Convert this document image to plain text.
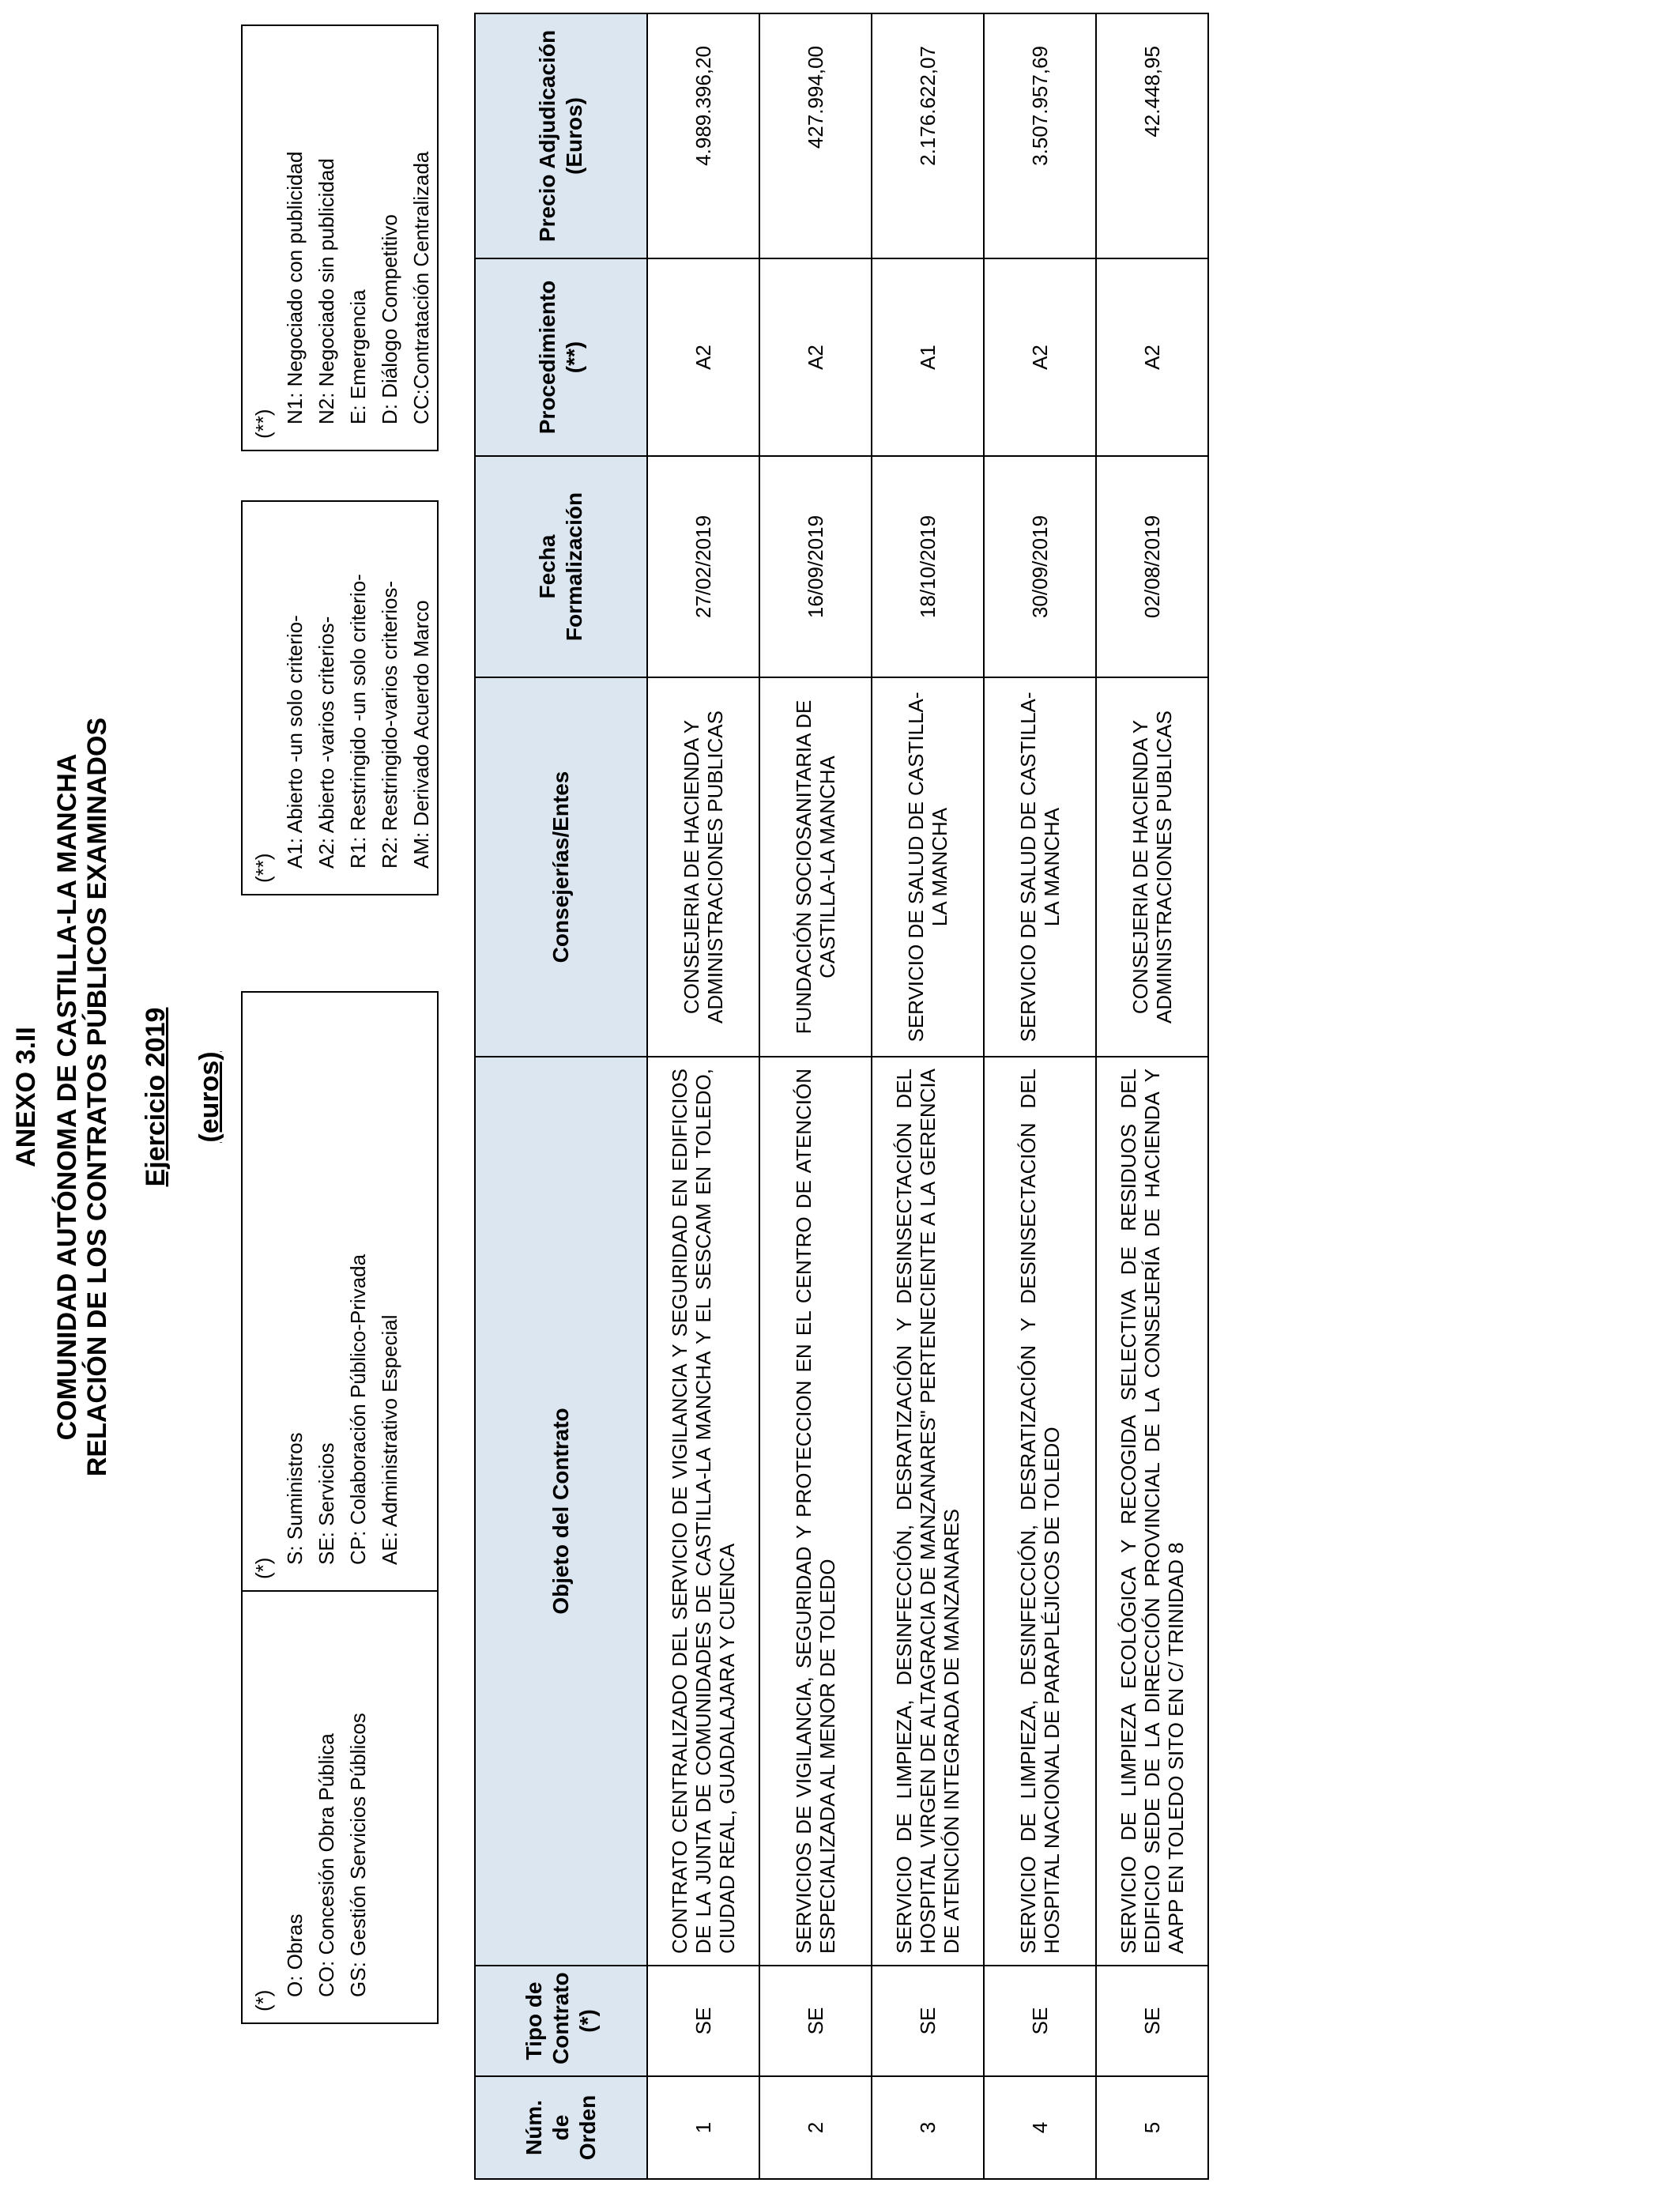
ANEXO 3.II COMUNIDAD AUTÓNOMA DE CASTILLA-LA MANCHA RELACIÓN DE LOS CONTRATOS PÚBLICOS EXAMINADOS Ejercicio 2019 (euros)
(*)
O: Obras CO: Concesión Obra Pública GS: Gestión Servicios Públicos
(*)
S: Suministros SE: Servicios CP: Colaboración Público-Privada AE: Administrativo Especial
(**) A1: Abierto -un solo criterio- A2: Abierto -varios criterios- R1: Restringido -un solo criterio- R2: Restringido-varios criterios- AM: Derivado Acuerdo Marco
(**) N1: Negociado con publicidad N2: Negociado sin publicidad E: Emergencia D: Diálogo Competitivo CC:Contratación Centralizada
Núm. de Orden	Tipo de Contrato (*)	Objeto del Contrato	Consejerías/Entes	Fecha Formalización	Procedimiento (**)	Precio Adjudicación (Euros)
1	SE	CONTRATO CENTRALIZADO DEL SERVICIO DE VIGILANCIA Y SEGURIDAD EN EDIFICIOS DE LA JUNTA DE COMUNIDADES DE CASTILLA-LA MANCHA Y EL SESCAM EN TOLEDO, CIUDAD REAL, GUADALAJARA Y CUENCA	CONSEJERIA DE HACIENDA Y ADMINISTRACIONES PUBLICAS	27/02/2019	A2	4.989.396,20
2	SE	SERVICIOS DE VIGILANCIA, SEGURIDAD Y PROTECCION EN EL CENTRO DE ATENCIÓN ESPECIALIZADA AL MENOR DE TOLEDO	FUNDACIÓN SOCIOSANITARIA DE CASTILLA-LA MANCHA	16/09/2019	A2	427.994,00
3	SE	SERVICIO DE LIMPIEZA, DESINFECCIÓN, DESRATIZACIÓN Y DESINSECTACIÓN DEL HOSPITAL VIRGEN DE ALTAGRACIA DE MANZANARES" PERTENECIENTE A LA GERENCIA DE ATENCIÓN INTEGRADA DE MANZANARES	SERVICIO DE SALUD DE CASTILLA-LA MANCHA	18/10/2019	A1	2.176.622,07
4	SE	SERVICIO DE LIMPIEZA, DESINFECCIÓN, DESRATIZACIÓN Y DESINSECTACIÓN DEL HOSPITAL NACIONAL DE PARAPLÉJICOS DE TOLEDO	SERVICIO DE SALUD DE CASTILLA-LA MANCHA	30/09/2019	A2	3.507.957,69
5	SE	SERVICIO DE LIMPIEZA ECOLÓGICA Y RECOGIDA SELECTIVA DE RESIDUOS DEL EDIFICIO SEDE DE LA DIRECCIÓN PROVINCIAL DE LA CONSEJERÍA DE HACIENDA Y AAPP EN TOLEDO SITO EN C/ TRINIDAD 8	CONSEJERIA DE HACIENDA Y ADMINISTRACIONES PUBLICAS	02/08/2019	A2	42.448,95
